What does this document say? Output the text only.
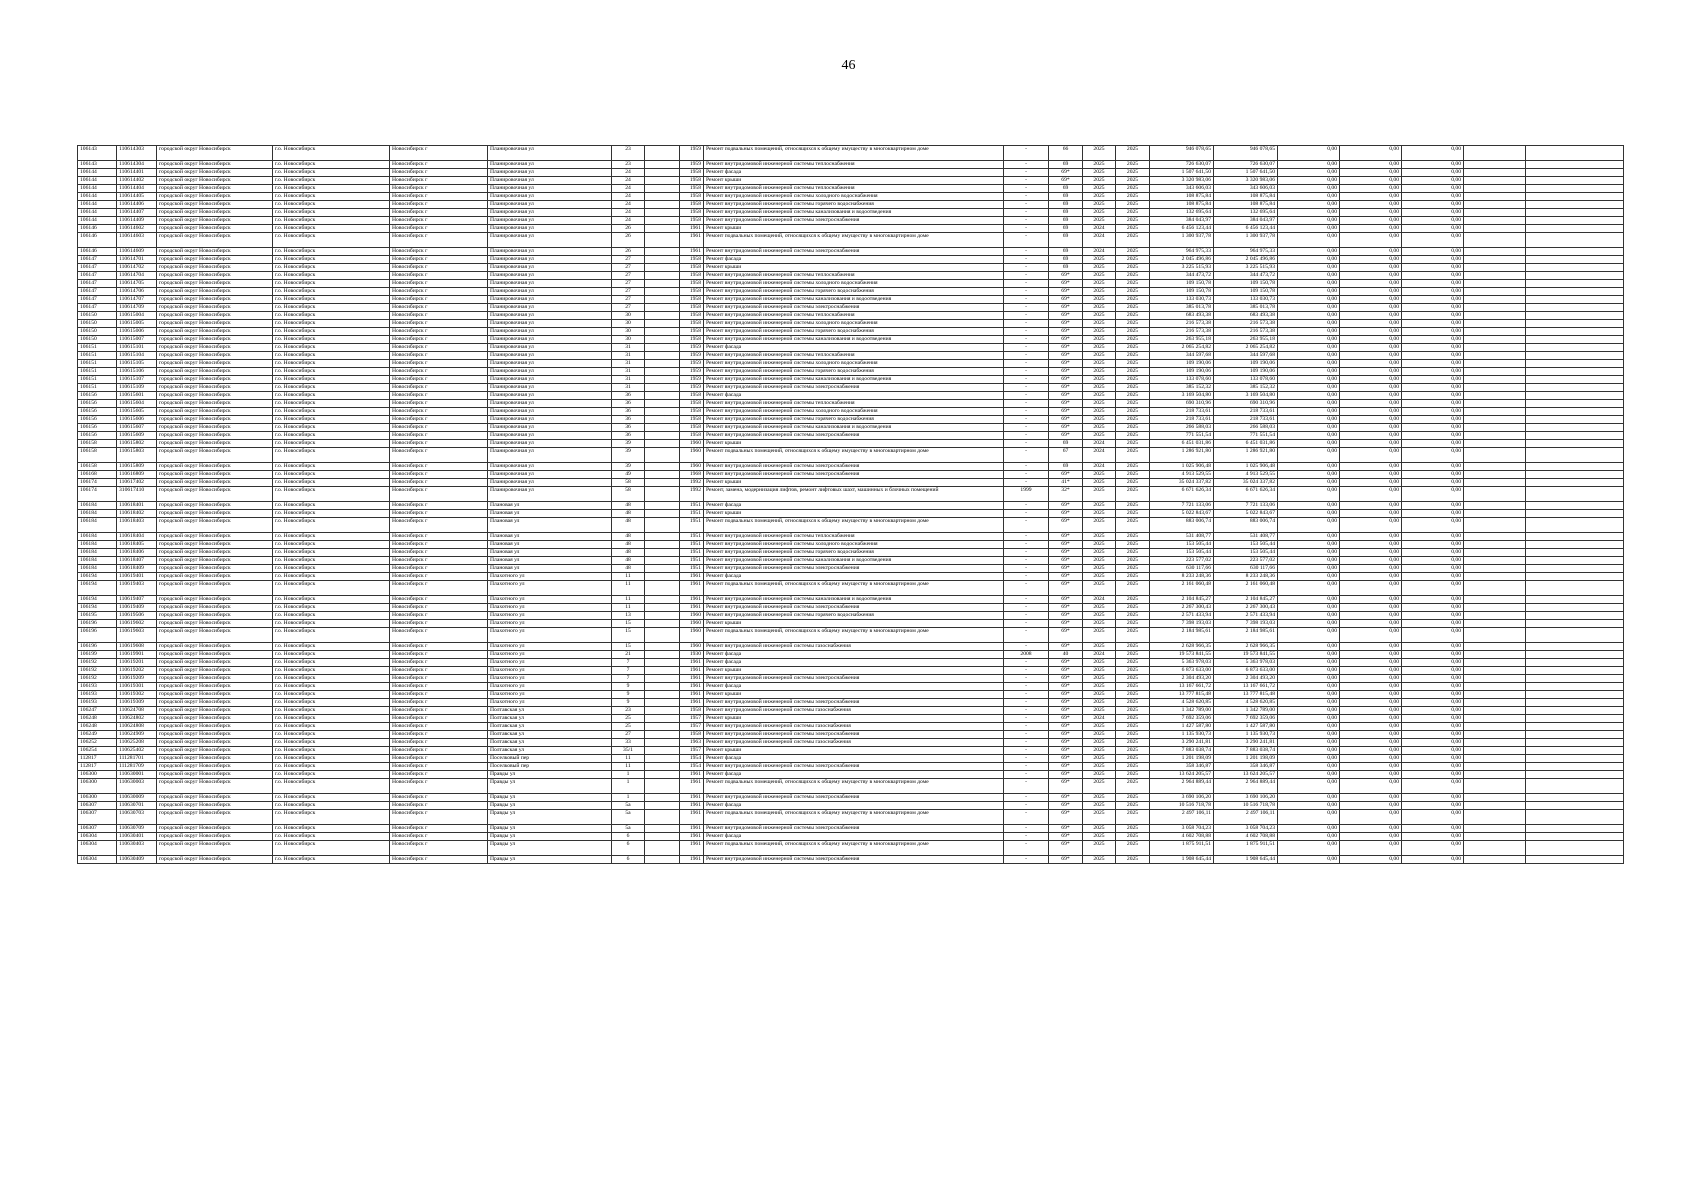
46
106143	110614303	городской округ Новосибирск	г.о. Новосибирск	Новосибирск г	Планировочная ул	23		1959	Ремонт подвальных помещений, относящихся к общему имуществу в многоквартирном доме	-	66	2025	2025	946 078,65	946 078,65	0,00	0,00	0,00		
106143	110614304	городской округ Новосибирск	г.о. Новосибирск	Новосибирск г	Планировочная ул	23		1959	Ремонт внутридомовой инженерной системы теплоснабжения	-	69	2025	2025	726 630,07	726 630,07	0,00	0,00	0,00		
106144	110614401	городской округ Новосибирск	г.о. Новосибирск	Новосибирск г	Планировочная ул	24		1958	Ремонт фасада	-	69*	2025	2025	1 507 641,50	1 507 641,50	0,00	0,00	0,00		
106144	110614402	городской округ Новосибирск	г.о. Новосибирск	Новосибирск г	Планировочная ул	24		1958	Ремонт крыши	-	69*	2025	2025	3 320 983,06	3 320 983,06	0,00	0,00	0,00		
106144	110614404	городской округ Новосибирск	г.о. Новосибирск	Новосибирск г	Планировочная ул	24		1958	Ремонт внутридомовой инженерной системы теплоснабжения	-	69	2025	2025	343 606,03	343 606,03	0,00	0,00	0,00		
106144	110614405	городской округ Новосибирск	г.о. Новосибирск	Новосибирск г	Планировочная ул	24		1958	Ремонт внутридомовой инженерной системы холодного водоснабжения	-	69	2025	2025	108 875,84	108 875,84	0,00	0,00	0,00		
106144	110614406	городской округ Новосибирск	г.о. Новосибирск	Новосибирск г	Планировочная ул	24		1958	Ремонт внутридомовой инженерной системы горячего водоснабжения	-	69	2025	2025	108 875,84	108 875,84	0,00	0,00	0,00		
106144	110614407	городской округ Новосибирск	г.о. Новосибирск	Новосибирск г	Планировочная ул	24		1958	Ремонт внутридомовой инженерной системы канализования и водоотведения	-	69	2025	2025	132 695,64	132 695,64	0,00	0,00	0,00		
106144	110614409	городской округ Новосибирск	г.о. Новосибирск	Новосибирск г	Планировочная ул	24		1958	Ремонт внутридомовой инженерной системы электроснабжения	-	69	2025	2025	384 043,97	384 043,97	0,00	0,00	0,00		
106146	110614602	городской округ Новосибирск	г.о. Новосибирск	Новосибирск г	Планировочная ул	26		1961	Ремонт крыши	-	69	2024	2025	6 456 123,44	6 456 123,44	0,00	0,00	0,00		
106146	110614603	городской округ Новосибирск	г.о. Новосибирск	Новосибирск г	Планировочная ул	26		1961	Ремонт подвальных помещений, относящихся к общему имуществу в многоквартирном доме	-	69	2024	2025	1 300 937,78	1 300 937,78	0,00	0,00	0,00		
106146	110614609	городской округ Новосибирск	г.о. Новосибирск	Новосибирск г	Планировочная ул	26		1961	Ремонт внутридомовой инженерной системы электроснабжения	-	69	2024	2025	964 975,33	964 975,33	0,00	0,00	0,00		
106147	110614701	городской округ Новосибирск	г.о. Новосибирск	Новосибирск г	Планировочная ул	27		1958	Ремонт фасада	-	69	2025	2025	2 045 496,86	2 045 496,86	0,00	0,00	0,00		
106147	110614702	городской округ Новосибирск	г.о. Новосибирск	Новосибирск г	Планировочная ул	27		1958	Ремонт крыши	-	69	2025	2025	3 225 515,93	3 225 515,93	0,00	0,00	0,00		
106147	110614704	городской округ Новосибирск	г.о. Новосибирск	Новосибирск г	Планировочная ул	27		1958	Ремонт внутридомовой инженерной системы теплоснабжения	-	69*	2025	2025	344 473,72	344 473,72	0,00	0,00	0,00		
106147	110614705	городской округ Новосибирск	г.о. Новосибирск	Новосибирск г	Планировочная ул	27		1958	Ремонт внутридомовой инженерной системы холодного водоснабжения	-	69*	2025	2025	109 150,78	109 150,78	0,00	0,00	0,00		
106147	110614706	городской округ Новосибирск	г.о. Новосибирск	Новосибирск г	Планировочная ул	27		1958	Ремонт внутридомовой инженерной системы горячего водоснабжения	-	69*	2025	2025	109 150,78	109 150,78	0,00	0,00	0,00		
106147	110614707	городской округ Новосибирск	г.о. Новосибирск	Новосибирск г	Планировочная ул	27		1958	Ремонт внутридомовой инженерной системы канализования и водоотведения	-	69*	2025	2025	133 030,73	133 030,73	0,00	0,00	0,00		
106147	110614709	городской округ Новосибирск	г.о. Новосибирск	Новосибирск г	Планировочная ул	27		1958	Ремонт внутридомовой инженерной системы электроснабжения	-	69*	2025	2025	385 013,78	385 013,78	0,00	0,00	0,00		
106150	110615004	городской округ Новосибирск	г.о. Новосибирск	Новосибирск г	Планировочная ул	30		1958	Ремонт внутридомовой инженерной системы теплоснабжения	-	69*	2025	2025	683 493,38	683 493,38	0,00	0,00	0,00		
106150	110615005	городской округ Новосибирск	г.о. Новосибирск	Новосибирск г	Планировочная ул	30		1958	Ремонт внутридомовой инженерной системы холодного водоснабжения	-	69*	2025	2025	216 573,38	216 573,38	0,00	0,00	0,00		
106150	110615006	городской округ Новосибирск	г.о. Новосибирск	Новосибирск г	Планировочная ул	30		1958	Ремонт внутридомовой инженерной системы горячего водоснабжения	-	69*	2025	2025	216 573,38	216 573,38	0,00	0,00	0,00		
106150	110615007	городской округ Новосибирск	г.о. Новосибирск	Новосибирск г	Планировочная ул	30		1958	Ремонт внутридомовой инженерной системы канализования и водоотведения	-	69*	2025	2025	263 955,18	263 955,18	0,00	0,00	0,00		
106151	110615101	городской округ Новосибирск	г.о. Новосибирск	Новосибирск г	Планировочная ул	31		1959	Ремонт фасада	-	69*	2025	2025	2 065 254,82	2 065 254,82	0,00	0,00	0,00		
106151	110615104	городской округ Новосибирск	г.о. Новосибирск	Новосибирск г	Планировочная ул	31		1959	Ремонт внутридомовой инженерной системы теплоснабжения	-	69*	2025	2025	344 597,68	344 597,68	0,00	0,00	0,00		
106151	110615105	городской округ Новосибирск	г.о. Новосибирск	Новосибирск г	Планировочная ул	31		1959	Ремонт внутридомовой инженерной системы холодного водоснабжения	-	69*	2025	2025	109 190,06	109 190,06	0,00	0,00	0,00		
106151	110615106	городской округ Новосибирск	г.о. Новосибирск	Новосибирск г	Планировочная ул	31		1959	Ремонт внутридомовой инженерной системы горячего водоснабжения	-	69*	2025	2025	109 190,06	109 190,06	0,00	0,00	0,00		
106151	110615107	городской округ Новосибирск	г.о. Новосибирск	Новосибирск г	Планировочная ул	31		1959	Ремонт внутридомовой инженерной системы канализования и водоотведения	-	69*	2025	2025	133 078,60	133 078,60	0,00	0,00	0,00		
106151	110615109	городской округ Новосибирск	г.о. Новосибирск	Новосибирск г	Планировочная ул	31		1959	Ремонт внутридомовой инженерной системы электроснабжения	-	69*	2025	2025	385 152,32	385 152,32	0,00	0,00	0,00		
106156	110615601	городской округ Новосибирск	г.о. Новосибирск	Новосибирск г	Планировочная ул	36		1958	Ремонт фасада	-	69*	2025	2025	3 169 504,80	3 169 504,80	0,00	0,00	0,00		
106156	110615604	городской округ Новосибирск	г.о. Новосибирск	Новосибирск г	Планировочная ул	36		1958	Ремонт внутридомовой инженерной системы теплоснабжения	-	69*	2025	2025	690 310,96	690 310,96	0,00	0,00	0,00		
106156	110615605	городской округ Новосибирск	г.о. Новосибирск	Новосибирск г	Планировочная ул	36		1958	Ремонт внутридомовой инженерной системы холодного водоснабжения	-	69*	2025	2025	218 733,61	218 733,61	0,00	0,00	0,00		
106156	110615606	городской округ Новосибирск	г.о. Новосибирск	Новосибирск г	Планировочная ул	36		1958	Ремонт внутридомовой инженерной системы горячего водоснабжения	-	69*	2025	2025	218 733,61	218 733,61	0,00	0,00	0,00		
106156	110615607	городской округ Новосибирск	г.о. Новосибирск	Новосибирск г	Планировочная ул	36		1958	Ремонт внутридомовой инженерной системы канализования и водоотведения	-	69*	2025	2025	266 588,03	266 588,03	0,00	0,00	0,00		
106156	110615609	городской округ Новосибирск	г.о. Новосибирск	Новосибирск г	Планировочная ул	36		1958	Ремонт внутридомовой инженерной системы электроснабжения	-	69*	2025	2025	771 551,54	771 551,54	0,00	0,00	0,00		
106158	110615802	городской округ Новосибирск	г.о. Новосибирск	Новосибирск г	Планировочная ул	39		1960	Ремонт крыши	-	69	2024	2025	6 451 031,86	6 451 031,86	0,00	0,00	0,00		
106158	110615803	городской округ Новосибирск	г.о. Новосибирск	Новосибирск г	Планировочная ул	39		1960	Ремонт подвальных помещений, относящихся к общему имуществу в многоквартирном доме	-	67	2024	2025	1 286 921,80	1 286 921,80	0,00	0,00	0,00		
106158	110615809	городской округ Новосибирск	г.о. Новосибирск	Новосибирск г	Планировочная ул	39		1960	Ремонт внутридомовой инженерной системы электроснабжения	-	69	2024	2025	1 025 906,48	1 025 906,48	0,00	0,00	0,00		
106168	110616809	городской округ Новосибирск	г.о. Новосибирск	Новосибирск г	Планировочная ул	49		1968	Ремонт внутридомовой инженерной системы электроснабжения	-	69*	2025	2025	4 913 529,55	4 913 529,55	0,00	0,00	0,00		
106174	110617402	городской округ Новосибирск	г.о. Новосибирск	Новосибирск г	Планировочная ул	58		1992	Ремонт крыши	-	41*	2025	2025	35 024 337,82	35 024 337,82	0,00	0,00	0,00		
106174	310617410	городской округ Новосибирск	г.о. Новосибирск	Новосибирск г	Планировочная ул	58		1992	Ремонт, замена, модернизация лифтов, ремонт лифтовых шахт, машинных и блочных помещений	1999	32*	2025	2025	6 671 626,34	6 671 626,34	0,00	0,00	0,00		
106184	110618401	городской округ Новосибирск	г.о. Новосибирск	Новосибирск г	Плановая ул	48		1951	Ремонт фасада	-	69*	2025	2025	7 721 133,06	7 721 133,06	0,00	0,00	0,00		
106184	110618402	городской округ Новосибирск	г.о. Новосибирск	Новосибирск г	Плановая ул	48		1951	Ремонт крыши	-	69*	2025	2025	5 022 843,67	5 022 843,67	0,00	0,00	0,00		
106184	110618403	городской округ Новосибирск	г.о. Новосибирск	Новосибирск г	Плановая ул	48		1951	Ремонт подвальных помещений, относящихся к общему имуществу в многоквартирном доме	-	69*	2025	2025	883 006,74	883 006,74	0,00	0,00	0,00		
106184	110618404	городской округ Новосибирск	г.о. Новосибирск	Новосибирск г	Плановая ул	48		1951	Ремонт внутридомовой инженерной системы теплоснабжения	-	69*	2025	2025	531 408,77	531 408,77	0,00	0,00	0,00		
106184	110618405	городской округ Новосибирск	г.о. Новосибирск	Новосибирск г	Плановая ул	48		1951	Ремонт внутридомовой инженерной системы холодного водоснабжения	-	69*	2025	2025	153 505,44	153 505,44	0,00	0,00	0,00		
106184	110618406	городской округ Новосибирск	г.о. Новосибирск	Новосибирск г	Плановая ул	48		1951	Ремонт внутридомовой инженерной системы горячего водоснабжения	-	69*	2025	2025	153 505,44	153 505,44	0,00	0,00	0,00		
106184	110618407	городской округ Новосибирск	г.о. Новосибирск	Новосибирск г	Плановая ул	48		1951	Ремонт внутридомовой инженерной системы канализования и водоотведения	-	69*	2025	2025	223 577,02	223 577,02	0,00	0,00	0,00		
106184	110618409	городской округ Новосибирск	г.о. Новосибирск	Новосибирск г	Плановая ул	48		1951	Ремонт внутридомовой инженерной системы электроснабжения	-	69*	2025	2025	630 117,66	630 117,66	0,00	0,00	0,00		
106194	110619401	городской округ Новосибирск	г.о. Новосибирск	Новосибирск г	Плахотного ул	11		1961	Ремонт фасада	-	69*	2025	2025	8 233 248,36	8 233 248,36	0,00	0,00	0,00		
106194	110619403	городской округ Новосибирск	г.о. Новосибирск	Новосибирск г	Плахотного ул	11		1961	Ремонт подвальных помещений, относящихся к общему имуществу в многоквартирном доме	-	69*	2025	2025	2 161 060,48	2 161 060,48	0,00	0,00	0,00		
106194	110619407	городской округ Новосибирск	г.о. Новосибирск	Новосибирск г	Плахотного ул	11		1961	Ремонт внутридомовой инженерной системы канализования и водоотведения	-	69*	2024	2025	2 104 845,27	2 104 845,27	0,00	0,00	0,00		
106194	110619409	городской округ Новосибирск	г.о. Новосибирск	Новосибирск г	Плахотного ул	11		1961	Ремонт внутридомовой инженерной системы электроснабжения	-	69*	2025	2025	2 267 300,43	2 267 300,43	0,00	0,00	0,00		
106195	110619506	городской округ Новосибирск	г.о. Новосибирск	Новосибирск г	Плахотного ул	13		1960	Ремонт внутридомовой инженерной системы горячего водоснабжения	-	69*	2025	2025	2 571 433,94	2 571 433,94	0,00	0,00	0,00		
106196	110619602	городской округ Новосибирск	г.о. Новосибирск	Новосибирск г	Плахотного ул	15		1960	Ремонт крыши	-	69*	2025	2025	7 398 193,03	7 398 193,03	0,00	0,00	0,00		
106196	110619603	городской округ Новосибирск	г.о. Новосибирск	Новосибирск г	Плахотного ул	15		1960	Ремонт подвальных помещений, относящихся к общему имуществу в многоквартирном доме	-	69*	2025	2025	2 184 985,61	2 184 985,61	0,00	0,00	0,00		
106196	110619608	городской округ Новосибирск	г.о. Новосибирск	Новосибирск г	Плахотного ул	15		1960	Ремонт внутридомовой инженерной системы газоснабжения	-	69*	2025	2025	2 628 966,35	2 628 966,35	0,00	0,00	0,00		
106199	110619901	городской округ Новосибирск	г.о. Новосибирск	Новосибирск г	Плахотного ул	21		1930	Ремонт фасада	2008	40	2024	2025	19 573 841,55	19 573 841,55	0,00	0,00	0,00		
106192	110619201	городской округ Новосибирск	г.о. Новосибирск	Новосибирск г	Плахотного ул	7		1961	Ремонт фасада	-	69*	2025	2025	5 363 978,03	5 363 978,03	0,00	0,00	0,00		
106192	110619202	городской округ Новосибирск	г.о. Новосибирск	Новосибирск г	Плахотного ул	7		1961	Ремонт крыши	-	69*	2025	2025	6 873 633,00	6 873 633,00	0,00	0,00	0,00		
106192	110619209	городской округ Новосибирск	г.о. Новосибирск	Новосибирск г	Плахотного ул	7		1961	Ремонт внутридомовой инженерной системы электроснабжения	-	69*	2025	2025	2 304 493,20	2 304 493,20	0,00	0,00	0,00		
106193	110619301	городской округ Новосибирск	г.о. Новосибирск	Новосибирск г	Плахотного ул	9		1961	Ремонт фасада	-	69*	2025	2025	13 167 661,72	13 167 661,72	0,00	0,00	0,00		
106193	110619302	городской округ Новосибирск	г.о. Новосибирск	Новосибирск г	Плахотного ул	9		1961	Ремонт крыши	-	69*	2025	2025	13 777 815,48	13 777 815,48	0,00	0,00	0,00		
106193	110619309	городской округ Новосибирск	г.о. Новосибирск	Новосибирск г	Плахотного ул	9		1961	Ремонт внутридомовой инженерной системы электроснабжения	-	69*	2025	2025	4 528 620,85	4 528 620,85	0,00	0,00	0,00		
106247	110624708	городской округ Новосибирск	г.о. Новосибирск	Новосибирск г	Полтавская ул	23		1958	Ремонт внутридомовой инженерной системы газоснабжения	-	69*	2025	2025	1 342 789,00	1 342 789,00	0,00	0,00	0,00		
106248	110624802	городской округ Новосибирск	г.о. Новосибирск	Новосибирск г	Полтавская ул	25		1957	Ремонт крыши	-	69*	2024	2025	7 692 359,06	7 692 359,06	0,00	0,00	0,00		
106248	110624808	городской округ Новосибирск	г.о. Новосибирск	Новосибирск г	Полтавская ул	25		1957	Ремонт внутридомовой инженерной системы газоснабжения	-	69*	2025	2025	1 427 587,80	1 427 587,80	0,00	0,00	0,00		
106249	110624909	городской округ Новосибирск	г.о. Новосибирск	Новосибирск г	Полтавская ул	27		1958	Ремонт внутридомовой инженерной системы электроснабжения	-	69*	2025	2025	1 135 930,73	1 135 930,73	0,00	0,00	0,00		
106252	110625208	городской округ Новосибирск	г.о. Новосибирск	Новосибирск г	Полтавская ул	33		1963	Ремонт внутридомовой инженерной системы газоснабжения	-	69*	2025	2025	3 290 241,81	3 290 241,81	0,00	0,00	0,00		
106254	110625402	городской округ Новосибирск	г.о. Новосибирск	Новосибирск г	Полтавская ул	35/1		1957	Ремонт крыши	-	69*	2025	2025	7 883 038,74	7 883 038,74	0,00	0,00	0,00		
112817	111281701	городской округ Новосибирск	г.о. Новосибирск	Новосибирск г	Поселковый пер	11		1954	Ремонт фасада	-	69*	2025	2025	1 201 198,09	1 201 198,09	0,00	0,00	0,00		
112817	111281709	городской округ Новосибирск	г.о. Новосибирск	Новосибирск г	Поселковый пер	11		1954	Ремонт внутридомовой инженерной системы электроснабжения	-	69*	2025	2025	358 346,87	358 346,87	0,00	0,00	0,00		
106300	110630001	городской округ Новосибирск	г.о. Новосибирск	Новосибирск г	Правды ул	1		1961	Ремонт фасада	-	69*	2025	2025	13 624 205,57	13 624 205,57	0,00	0,00	0,00		
106300	110630003	городской округ Новосибирск	г.о. Новосибирск	Новосибирск г	Правды ул	1		1961	Ремонт подвальных помещений, относящихся к общему имуществу в многоквартирном доме	-	69*	2025	2025	2 964 889,44	2 964 889,44	0,00	0,00	0,00		
106300	110630009	городской округ Новосибирск	г.о. Новосибирск	Новосибирск г	Правды ул	1		1961	Ремонт внутридомовой инженерной системы электроснабжения	-	69*	2025	2025	3 690 106,20	3 690 106,20	0,00	0,00	0,00		
106307	110630701	городской округ Новосибирск	г.о. Новосибирск	Новосибирск г	Правды ул	5а		1961	Ремонт фасада	-	69*	2025	2025	10 516 718,78	10 516 718,78	0,00	0,00	0,00		
106307	110630703	городской округ Новосибирск	г.о. Новосибирск	Новосибирск г	Правды ул	5а		1961	Ремонт подвальных помещений, относящихся к общему имуществу в многоквартирном доме	-	69*	2025	2025	2 497 106,11	2 497 106,11	0,00	0,00	0,00		
106307	110630709	городской округ Новосибирск	г.о. Новосибирск	Новосибирск г	Правды ул	5а		1961	Ремонт внутридомовой инженерной системы электроснабжения	-	69*	2025	2025	3 058 704,23	3 058 704,23	0,00	0,00	0,00		
106304	110630401	городской округ Новосибирск	г.о. Новосибирск	Новосибирск г	Правды ул	6		1961	Ремонт фасада	-	69*	2025	2025	4 602 708,88	4 602 708,88	0,00	0,00	0,00		
106304	110630403	городской округ Новосибирск	г.о. Новосибирск	Новосибирск г	Правды ул	6		1961	Ремонт подвальных помещений, относящихся к общему имуществу в многоквартирном доме	-	69*	2025	2025	1 875 911,51	1 875 911,51	0,00	0,00	0,00		
106304	110630409	городской округ Новосибирск	г.о. Новосибирск	Новосибирск г	Правды ул	6		1961	Ремонт внутридомовой инженерной системы электроснабжения	-	69*	2025	2025	1 908 645,44	1 908 645,44	0,00	0,00	0,00		
